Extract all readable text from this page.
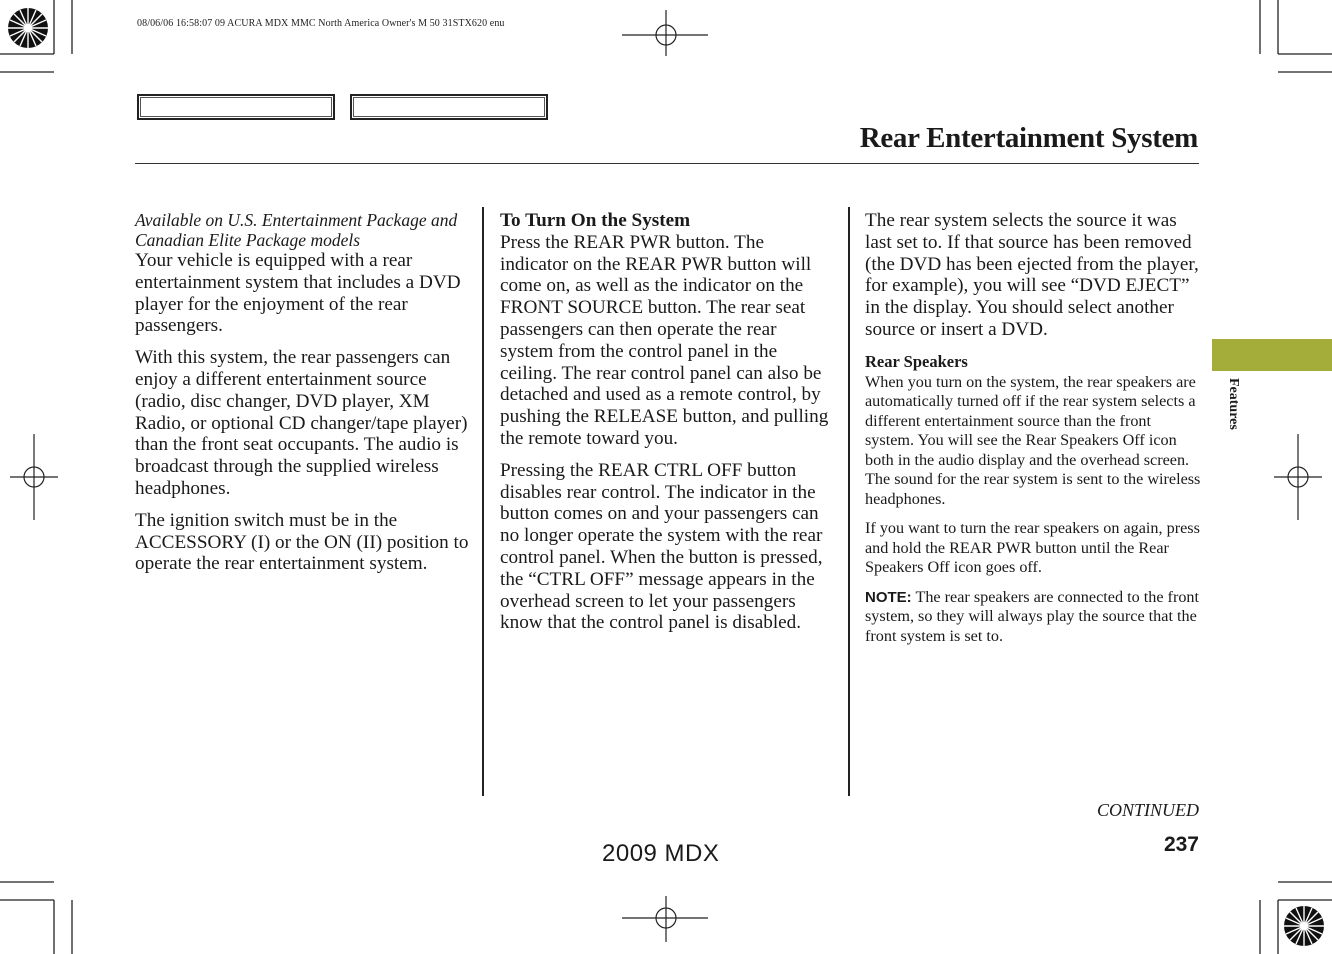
08/06/06 16:58:07 09 ACURA MDX MMC North America Owner's M 50 31STX620 enu
Rear Entertainment System
Available on U.S. Entertainment Package and Canadian Elite Package models

Your vehicle is equipped with a rear entertainment system that includes a DVD player for the enjoyment of the rear passengers.

With this system, the rear passengers can enjoy a different entertainment source (radio, disc changer, DVD player, XM Radio, or optional CD changer/tape player) than the front seat occupants. The audio is broadcast through the supplied wireless headphones.

The ignition switch must be in the ACCESSORY (I) or the ON (II) position to operate the rear entertainment system.

To Turn On the System

Press the REAR PWR button. The indicator on the REAR PWR button will come on, as well as the indicator on the FRONT SOURCE button. The rear seat passengers can then operate the rear system from the control panel in the ceiling. The rear control panel can also be detached and used as a remote control, by pushing the RELEASE button, and pulling the remote toward you.

Pressing the REAR CTRL OFF button disables rear control. The indicator in the button comes on and your passengers can no longer operate the system with the rear control panel. When the button is pressed, the “CTRL OFF” message appears in the overhead screen to let your passengers know that the control panel is disabled.

The rear system selects the source it was last set to. If that source has been removed (the DVD has been ejected from the player, for example), you will see “DVD EJECT” in the display. You should select another source or insert a DVD.

Rear Speakers

When you turn on the system, the rear speakers are automatically turned off if the rear system selects a different entertainment source than the front system. You will see the Rear Speakers Off icon both in the audio display and the overhead screen. The sound for the rear system is sent to the wireless headphones.

If you want to turn the rear speakers on again, press and hold the REAR PWR button until the Rear Speakers Off icon goes off.

NOTE: The rear speakers are connected to the front system, so they will always play the source that the front system is set to.

Features
CONTINUED
237
2009 MDX
